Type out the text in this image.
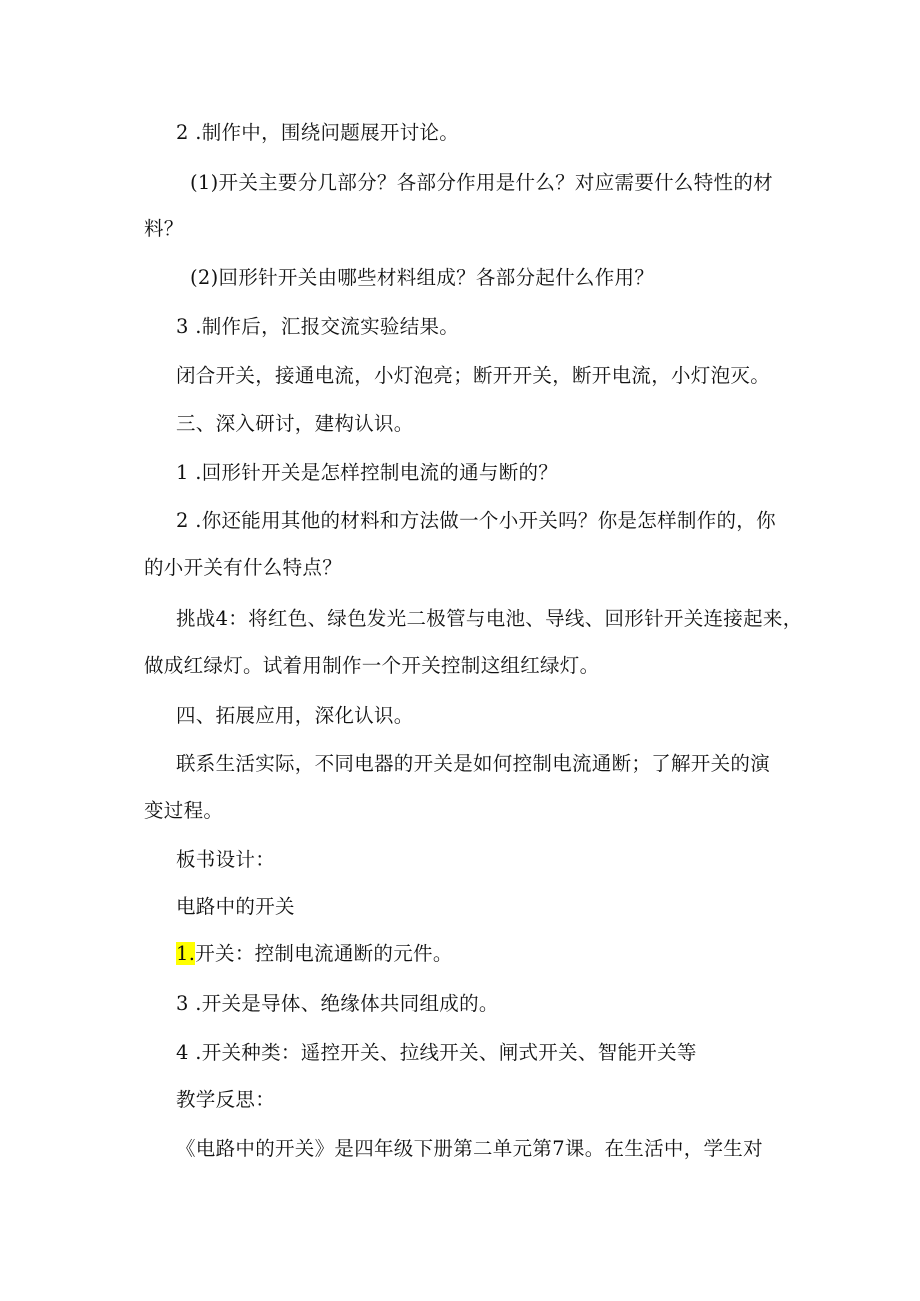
2 .制作中，围绕问题展开讨论。
(1)开关主要分几部分？各部分作用是什么？对应需要什么特性的材
料？
(2)回形针开关由哪些材料组成？各部分起什么作用？
3 .制作后，汇报交流实验结果。
闭合开关，接通电流，小灯泡亮；断开开关，断开电流，小灯泡灭。
三、深入研讨，建构认识。
1 .回形针开关是怎样控制电流的通与断的？
2 .你还能用其他的材料和方法做一个小开关吗？你是怎样制作的，你
的小开关有什么特点？
挑战4：将红色、绿色发光二极管与电池、导线、回形针开关连接起来，
做成红绿灯。试着用制作一个开关控制这组红绿灯。
四、拓展应用，深化认识。
联系生活实际，不同电器的开关是如何控制电流通断；了解开关的演
变过程。
板书设计：
电路中的开关
1.开关：控制电流通断的元件。
3 .开关是导体、绝缘体共同组成的。
4 .开关种类：遥控开关、拉线开关、闸式开关、智能开关等
教学反思：
《电路中的开关》是四年级下册第二单元第7课。在生活中，学生对
